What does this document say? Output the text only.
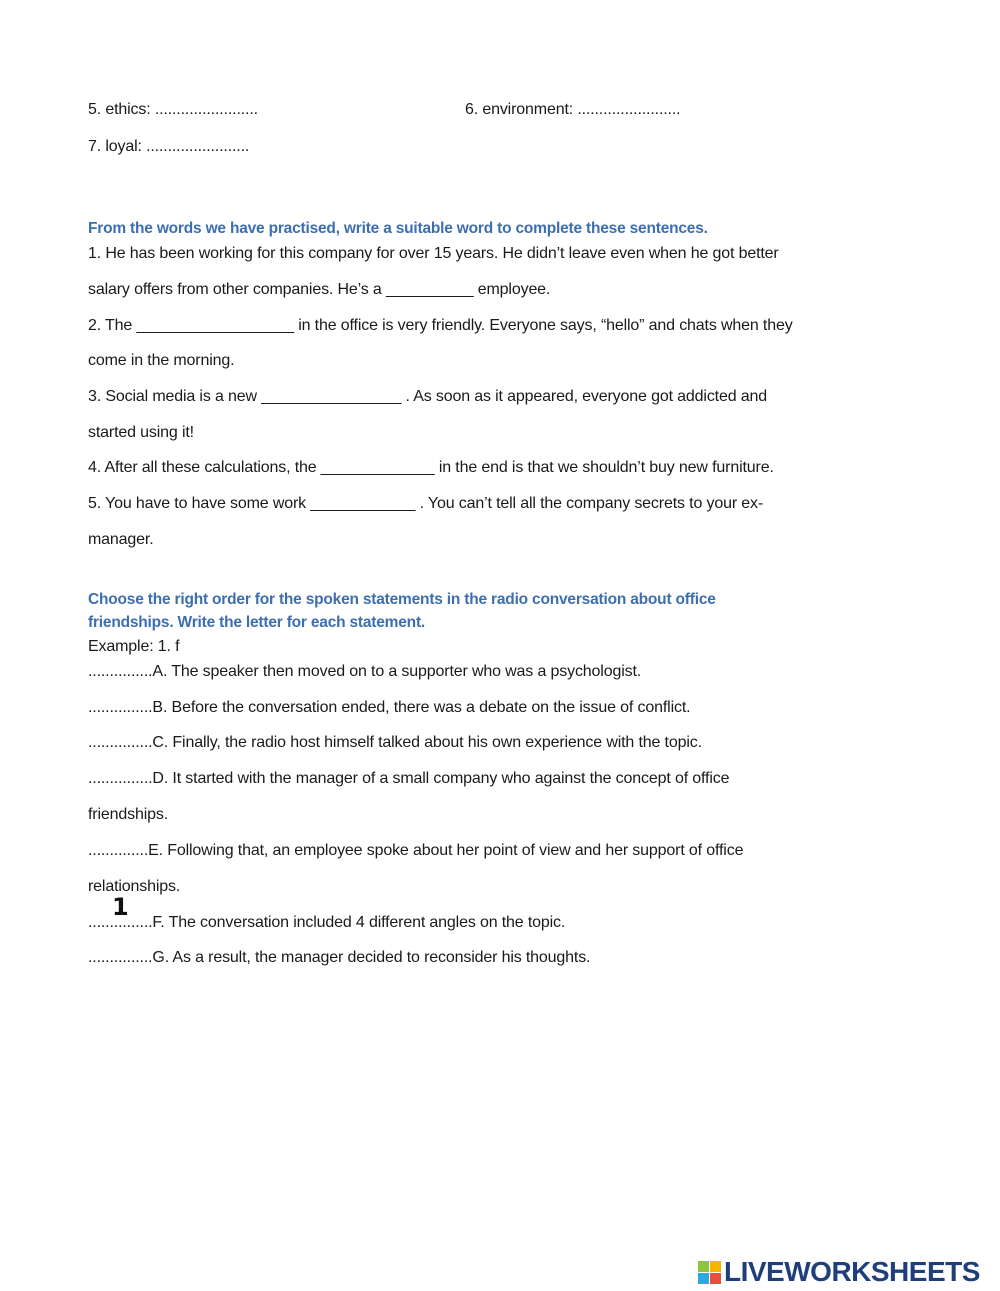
5. ethics: ........................	6. environment: ........................
7. loyal: ........................
From the words we have practised, write a suitable word to complete these sentences.
1. He has been working for this company for over 15 years. He didn’t leave even when he got better
salary offers from other companies. He’s a __________ employee.
2. The __________________ in the office is very friendly. Everyone says, “hello” and chats when they
come in the morning.
3. Social media is a new ________________ . As soon as it appeared, everyone got addicted and
started using it!
4. After all these calculations, the _____________ in the end is that we shouldn’t buy new furniture.
5. You have to have some work ____________ . You can’t tell all the company secrets to your ex-
manager.
Choose the right order for the spoken statements in the radio conversation about office
friendships. Write the letter for each statement.
Example: 1. f
...............A. The speaker then moved on to a supporter who was a psychologist.
...............B. Before the conversation ended, there was a debate on the issue of conflict.
...............C. Finally, the radio host himself talked about his own experience with the topic.
...............D. It started with the manager of a small company who against the concept of office
friendships.
..............E. Following that, an employee spoke about her point of view and her support of office
relationships.
1
...............F. The conversation included 4 different angles on the topic.
...............G. As a result, the manager decided to reconsider his thoughts.
LIVEWORKSHEETS
